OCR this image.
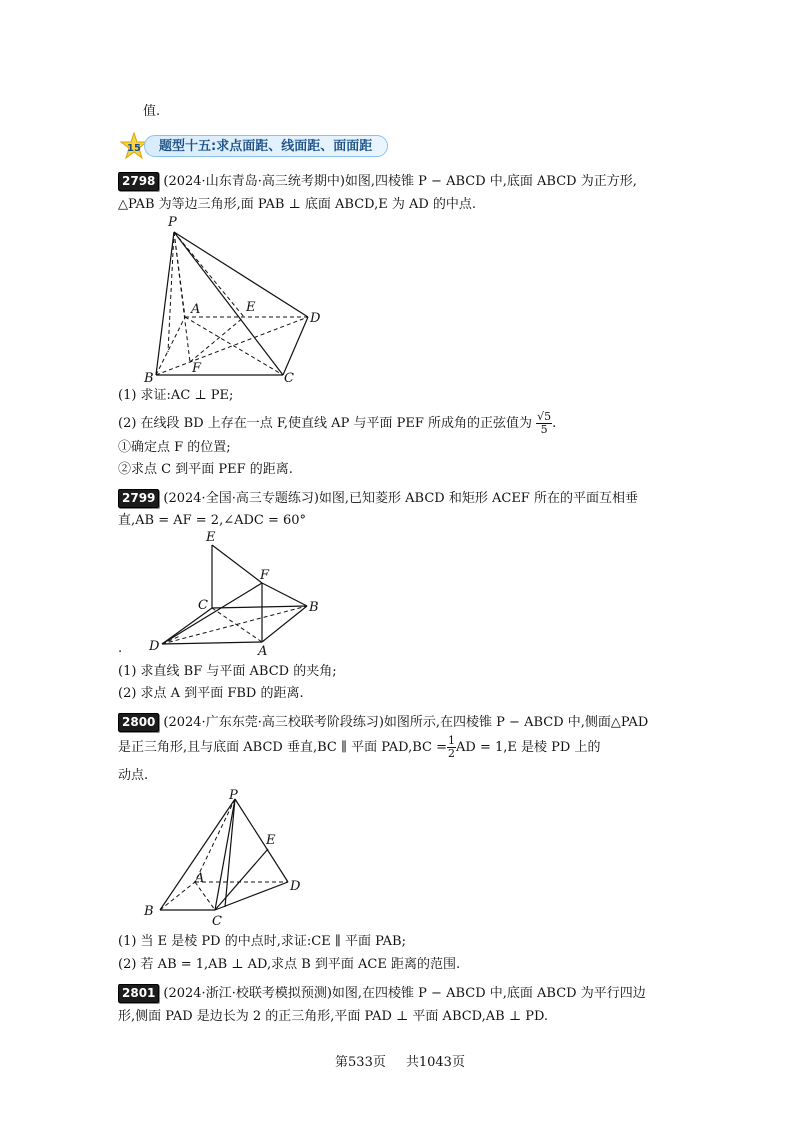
值.
15	题型十五:求点面距、线面距、面面距
2798 (2024·山东青岛·高三统考期中)如图,四棱锥 P − ABCD 中,底面 ABCD 为正方形,
△PAB 为等边三角形,面 PAB ⊥ 底面 ABCD,E 为 AD 的中点.
P
A	E
D
B
F
C
(1) 求证:AC ⊥ PE;
(2) 在线段 BD 上存在一点 F,使直线 AP 与平面 PEF 所成角的正弦值为 $\frac{√5}{5}$ .
①确定点 F 的位置;
②求点 C 到平面 PEF 的距离.
2799 (2024·全国·高三专题练习)如图,已知菱形 ABCD 和矩形 ACEF 所在的平面互相垂
直,AB = AF = 2,∠ADC = 60°
E
F
C	B
D	A
.
(1) 求直线 BF 与平面 ABCD 的夹角;
(2) 求点 A 到平面 FBD 的距离.
2800 (2024·广东东莞·高三校联考阶段练习)如图所示,在四棱锥 P − ABCD 中,侧面△PAD
是正三角形,且与底面 ABCD 垂直,BC ∥ 平面 $PAD,BC = \frac{1}{2}$ AD = 1,E 是棱 PD 上的
动点.
P
E
A
D
B
C
(1) 当 E 是棱 PD 的中点时,求证:CE ∥ 平面 PAB;
(2) 若 AB = 1,AB ⊥ AD,求点 B 到平面 ACE 距离的范围.
2801 (2024·浙江·校联考模拟预测)如图,在四棱锥 P − ABCD 中,底面 ABCD 为平行四边
形,侧面 PAD 是边长为 2 的正三角形,平面 PAD ⊥ 平面 ABCD,AB ⊥ PD.
第533页 共1043页
